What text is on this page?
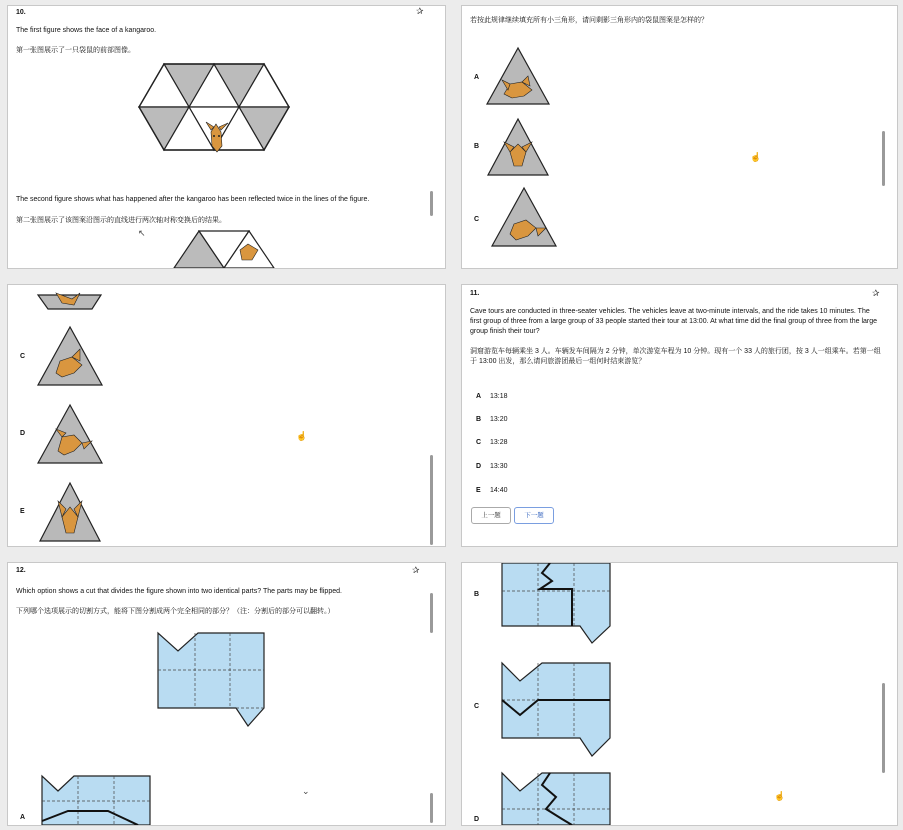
10.	✰
The first figure shows the face of a kangaroo.
第一张图展示了一只袋鼠的前部图像。
The second figure shows what has happened after the kangaroo has been reflected twice in the lines of the figure.
第二张图展示了该图案沿图示的直线进行两次轴对称变换后的结果。
↖
若按此规律继续填充所有小三角形，请问剩影三角形内的袋鼠图案是怎样的？
A
B
C
☝
C
D
E
☝
11.	✰
Cave tours are conducted in three-seater vehicles. The vehicles leave at two-minute intervals, and the ride takes 10 minutes. The first group of three from a large group of 33 people started their tour at 13:00. At what time did the final group of three from the large group finish their tour?
洞窟游览车每辆乘坐 3 人。车辆发车间隔为 2 分钟，单次游览车程为 10 分钟。现有一个 33 人的旅行团，按 3 人一组乘车。若第一组于 13:00 出发，那么请问旅游团最后一组何时结束游览？
A 13:18
B 13:20
C 13:28
D 13:30
E 14:40
上一题	下一题
12.	✰
Which option shows a cut that divides the figure shown into two identical parts? The parts may be flipped.
下列哪个选项展示的切割方式，能将下图分割成两个完全相同的部分？（注：分割后的部分可以翻转。）
A
⌄
B
C
D
☝
